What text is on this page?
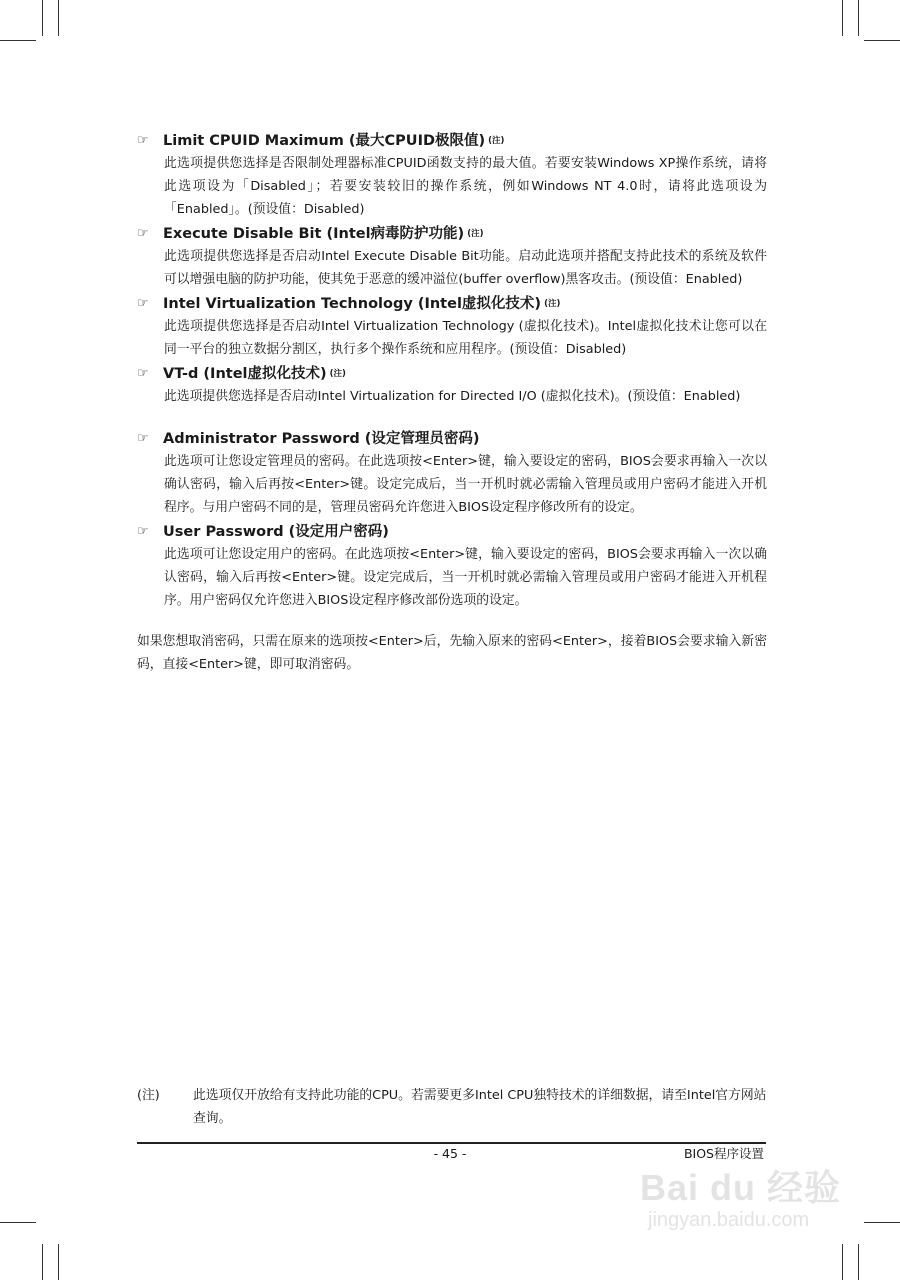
☞ Limit CPUID Maximum (最大CPUID极限值) (注)
此选项提供您选择是否限制处理器标准CPUID函数支持的最大值。若要安装Windows XP操作系统，请将此选项设为「Disabled」；若要安装较旧的操作系统，例如Windows NT 4.0时，请将此选项设为「Enabled」。(预设值：Disabled)
☞ Execute Disable Bit (Intel病毒防护功能) (注)
此选项提供您选择是否启动Intel Execute Disable Bit功能。启动此选项并搭配支持此技术的系统及软件可以增强电脑的防护功能，使其免于恶意的缓冲溢位(buffer overflow)黑客攻击。(预设值：Enabled)
☞ Intel Virtualization Technology (Intel虚拟化技术) (注)
此选项提供您选择是否启动Intel Virtualization Technology (虚拟化技术)。Intel虚拟化技术让您可以在同一平台的独立数据分割区，执行多个操作系统和应用程序。(预设值：Disabled)
☞ VT-d (Intel虚拟化技术) (注)
此选项提供您选择是否启动Intel Virtualization for Directed I/O (虚拟化技术)。(预设值：Enabled)
☞ Administrator Password (设定管理员密码)
此选项可让您设定管理员的密码。在此选项按<Enter>键，输入要设定的密码，BIOS会要求再输入一次以确认密码，输入后再按<Enter>键。设定完成后，当一开机时就必需输入管理员或用户密码才能进入开机程序。与用户密码不同的是，管理员密码允许您进入BIOS设定程序修改所有的设定。
☞ User Password (设定用户密码)
此选项可让您设定用户的密码。在此选项按<Enter>键，输入要设定的密码，BIOS会要求再输入一次以确认密码，输入后再按<Enter>键。设定完成后，当一开机时就必需输入管理员或用户密码才能进入开机程序。用户密码仅允许您进入BIOS设定程序修改部份选项的设定。
如果您想取消密码，只需在原来的选项按<Enter>后，先输入原来的密码<Enter>，接着BIOS会要求输入新密码，直接<Enter>键，即可取消密码。
(注)	此选项仅开放给有支持此功能的CPU。若需要更多Intel CPU独特技术的详细数据，请至Intel官方网站查询。
- 45 -	BIOS程序设置
Bai du 经验
jingyan.baidu.com
